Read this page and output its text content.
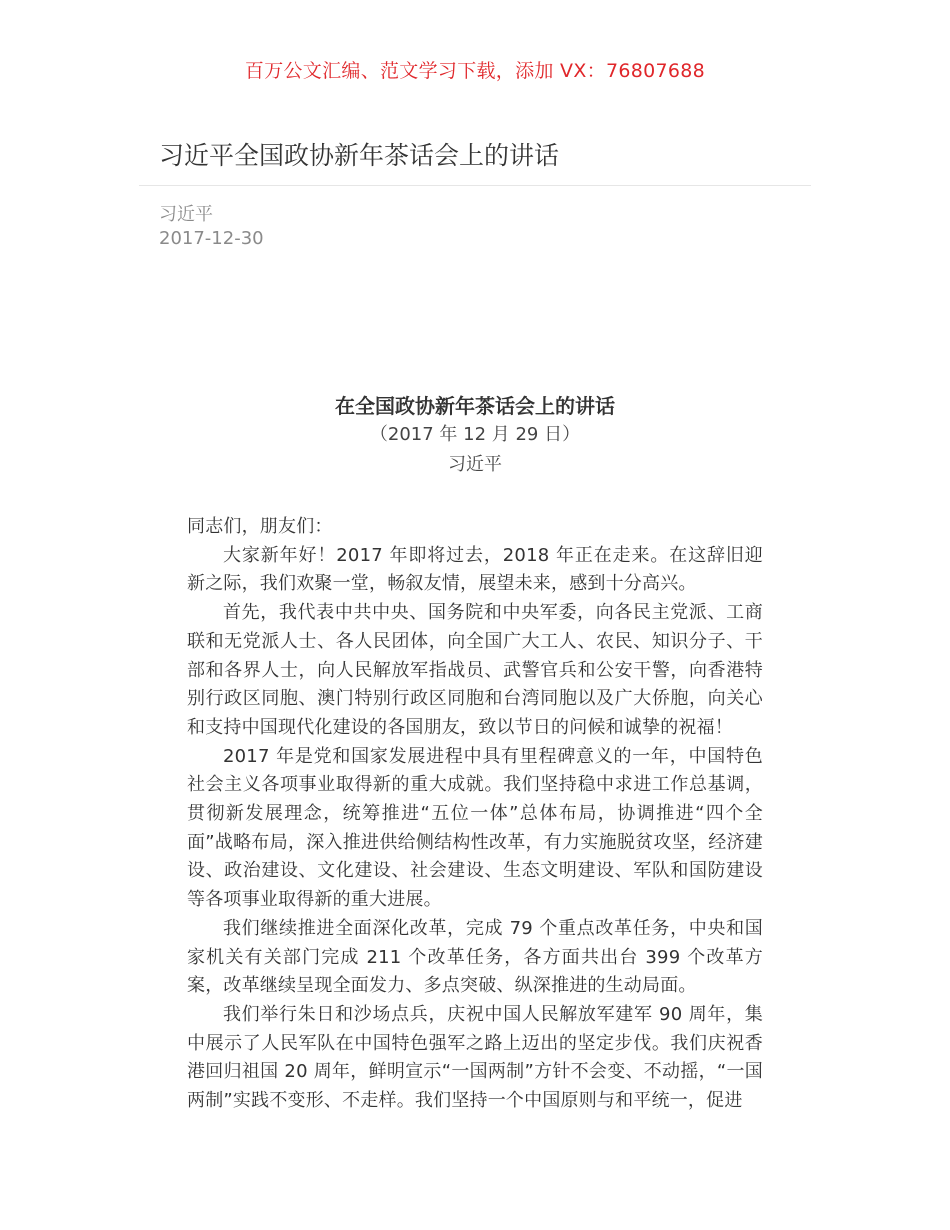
百万公文汇编、范文学习下载，添加 VX：76807688
习近平全国政协新年茶话会上的讲话
习近平
2017-12-30
在全国政协新年茶话会上的讲话
（2017 年 12 月 29 日）
习近平

同志们，朋友们：

大家新年好！2017 年即将过去，2018 年正在走来。在这辞旧迎新之际，我们欢聚一堂，畅叙友情，展望未来，感到十分高兴。

首先，我代表中共中央、国务院和中央军委，向各民主党派、工商联和无党派人士、各人民团体，向全国广大工人、农民、知识分子、干部和各界人士，向人民解放军指战员、武警官兵和公安干警，向香港特别行政区同胞、澳门特别行政区同胞和台湾同胞以及广大侨胞，向关心和支持中国现代化建设的各国朋友，致以节日的问候和诚挚的祝福！

2017 年是党和国家发展进程中具有里程碑意义的一年，中国特色社会主义各项事业取得新的重大成就。我们坚持稳中求进工作总基调，贯彻新发展理念，统筹推进“五位一体”总体布局，协调推进“四个全面”战略布局，深入推进供给侧结构性改革，有力实施脱贫攻坚，经济建设、政治建设、文化建设、社会建设、生态文明建设、军队和国防建设等各项事业取得新的重大进展。

我们继续推进全面深化改革，完成 79 个重点改革任务，中央和国家机关有关部门完成 211 个改革任务，各方面共出台 399 个改革方案，改革继续呈现全面发力、多点突破、纵深推进的生动局面。

我们举行朱日和沙场点兵，庆祝中国人民解放军建军 90 周年，集中展示了人民军队在中国特色强军之路上迈出的坚定步伐。我们庆祝香港回归祖国 20 周年，鲜明宣示“一国两制”方针不会变、不动摇，“一国两制”实践不变形、不走样。我们坚持一个中国原则与和平统一，促进
